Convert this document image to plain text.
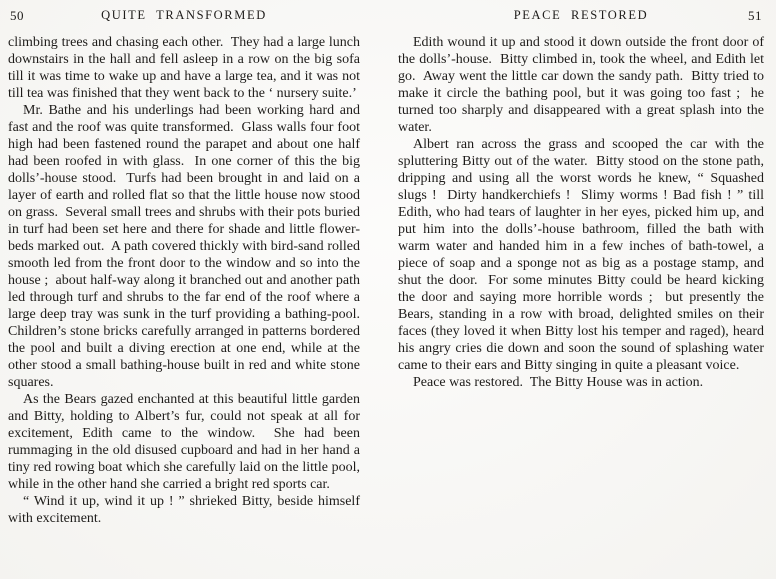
50	QUITE TRANSFORMED

climbing trees and chasing each other.  They had a large lunch downstairs in the hall and fell asleep in a row on the big sofa till it was time to wake up and have a large tea, and it was not till tea was finished that they went back to the ‘ nursery suite.’

Mr. Bathe and his underlings had been working hard and fast and the roof was quite transformed.  Glass walls four foot high had been fastened round the parapet and about one half had been roofed in with glass.  In one corner of this the big dolls’-house stood.  Turfs had been brought in and laid on a layer of earth and rolled flat so that the little house now stood on grass.  Several small trees and shrubs with their pots buried in turf had been set here and there for shade and little flower-beds marked out.  A path covered thickly with bird-sand rolled smooth led from the front door to the window and so into the house ;  about half-way along it branched out and another path led through turf and shrubs to the far end of the roof where a large deep tray was sunk in the turf providing a bathing-pool.  Children’s stone bricks carefully arranged in patterns bordered the pool and built a diving erection at one end, while at the other stood a small bathing-house built in red and white stone squares.

As the Bears gazed enchanted at this beautiful little garden and Bitty, holding to Albert’s fur, could not speak at all for excitement, Edith came to the window.  She had been rummaging in the old disused cupboard and had in her hand a tiny red rowing boat which she carefully laid on the little pool, while in the other hand she carried a bright red sports car.

“ Wind it up, wind it up ! ” shrieked Bitty, beside himself with excitement.

PEACE RESTORED	51

Edith wound it up and stood it down outside the front door of the dolls’-house.  Bitty climbed in, took the wheel, and Edith let go.  Away went the little car down the sandy path.  Bitty tried to make it circle the bathing pool, but it was going too fast ;  he turned too sharply and disappeared with a great splash into the water.

Albert ran across the grass and scooped the car with the spluttering Bitty out of the water.  Bitty stood on the stone path, dripping and using all the worst words he knew, “ Squashed slugs !  Dirty handkerchiefs !  Slimy worms ! Bad fish ! ” till Edith, who had tears of laughter in her eyes, picked him up, and put him into the dolls’-house bathroom, filled the bath with warm water and handed him in a few inches of bath-towel, a piece of soap and a sponge not as big as a postage stamp, and shut the door.  For some minutes Bitty could be heard kicking the door and saying more horrible words ;  but presently the Bears, standing in a row with broad, delighted smiles on their faces (they loved it when Bitty lost his temper and raged), heard his angry cries die down and soon the sound of splashing water came to their ears and Bitty singing in quite a pleasant voice.

Peace was restored.  The Bitty House was in action.
